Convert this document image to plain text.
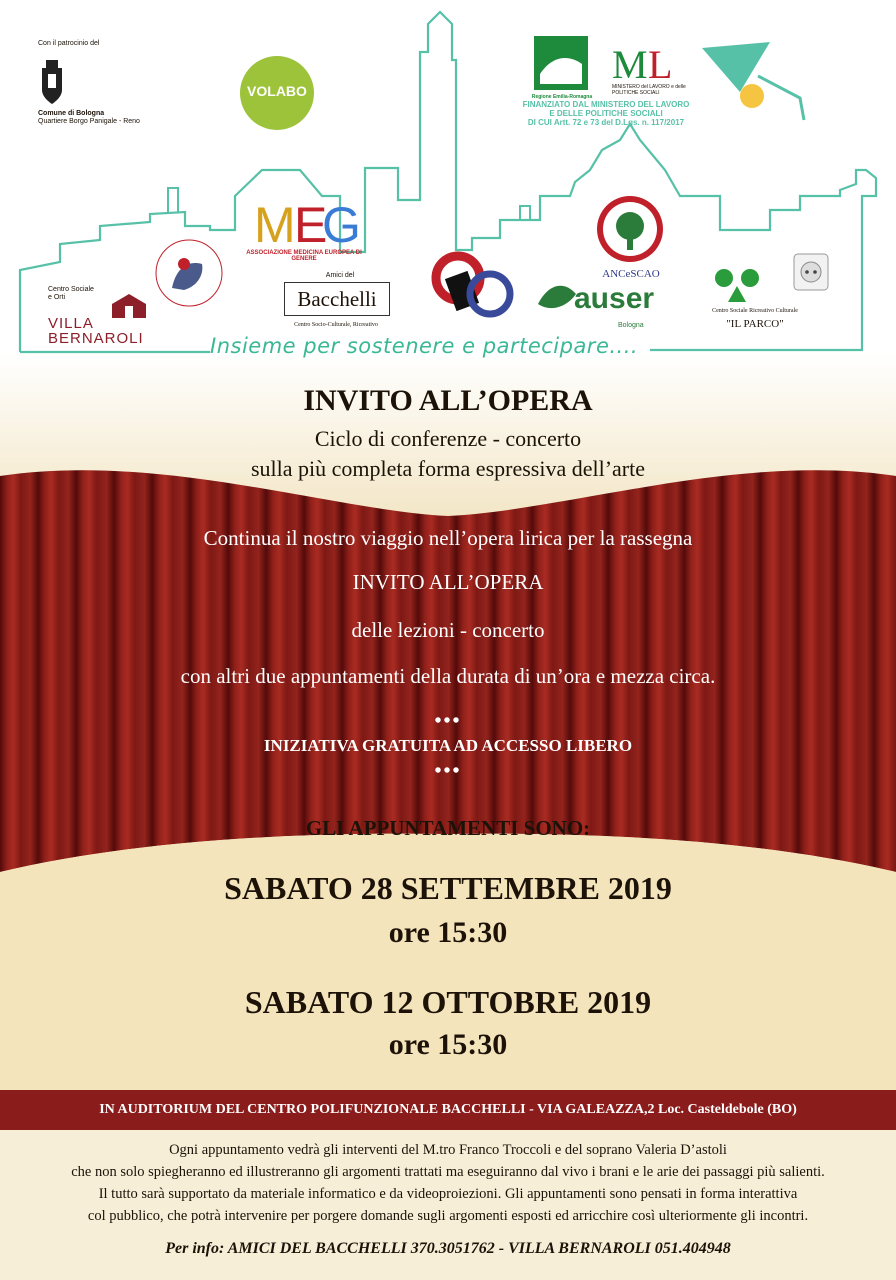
Con il patrocinio del
Comune di Bologna
Quartiere Borgo Panigale - Reno
VOLABO	Regione Emilia-Romagna
M L
MINISTERO del LAVORO e delle POLITICHE SOCIALI
FINANZIATO DAL MINISTERO DEL LAVORO
E DELLE POLITICHE SOCIALI
DI CUI Artt. 72 e 73 del D.Lgs. n. 117/2017
M
E
G
ASSOCIAZIONE MEDICINA EUROPEA DI GENERE
Amici del
Bacchelli
Centro Socio-Culturale, Ricreativo
Centro Sociale
e Orti
VILLA
BERNAROLI
ANCeSCAO
auser
Bologna
Centro Sociale Ricreativo Culturale
"IL PARCO"
Insieme per sostenere e partecipare....
INVITO ALL’OPERA
Ciclo di conferenze - concerto
sulla più completa forma espressiva dell’arte
Continua il nostro viaggio nell’opera lirica per la rassegna
INVITO ALL’OPERA
delle lezioni - concerto
con altri due appuntamenti della durata di un’ora e mezza circa.
•••
INIZIATIVA GRATUITA AD ACCESSO LIBERO
•••
GLI APPUNTAMENTI SONO:
SABATO 28 SETTEMBRE 2019
ore 15:30
SABATO 12 OTTOBRE 2019
ore 15:30
IN AUDITORIUM DEL CENTRO POLIFUNZIONALE BACCHELLI - VIA GALEAZZA,2 Loc. Casteldebole (BO)
Ogni appuntamento vedrà gli interventi del M.tro Franco Troccoli e del soprano Valeria D’astoli
che non solo spiegheranno ed illustreranno gli argomenti trattati ma eseguiranno dal vivo i brani e le arie dei passaggi più salienti.
Il tutto sarà supportato da materiale informatico e da videoproiezioni. Gli appuntamenti sono pensati in forma interattiva
col pubblico, che potrà intervenire per porgere domande sugli argomenti esposti ed arricchire così ulteriormente gli incontri.
Per info: AMICI DEL BACCHELLI 370.3051762 - VILLA BERNAROLI 051.404948
